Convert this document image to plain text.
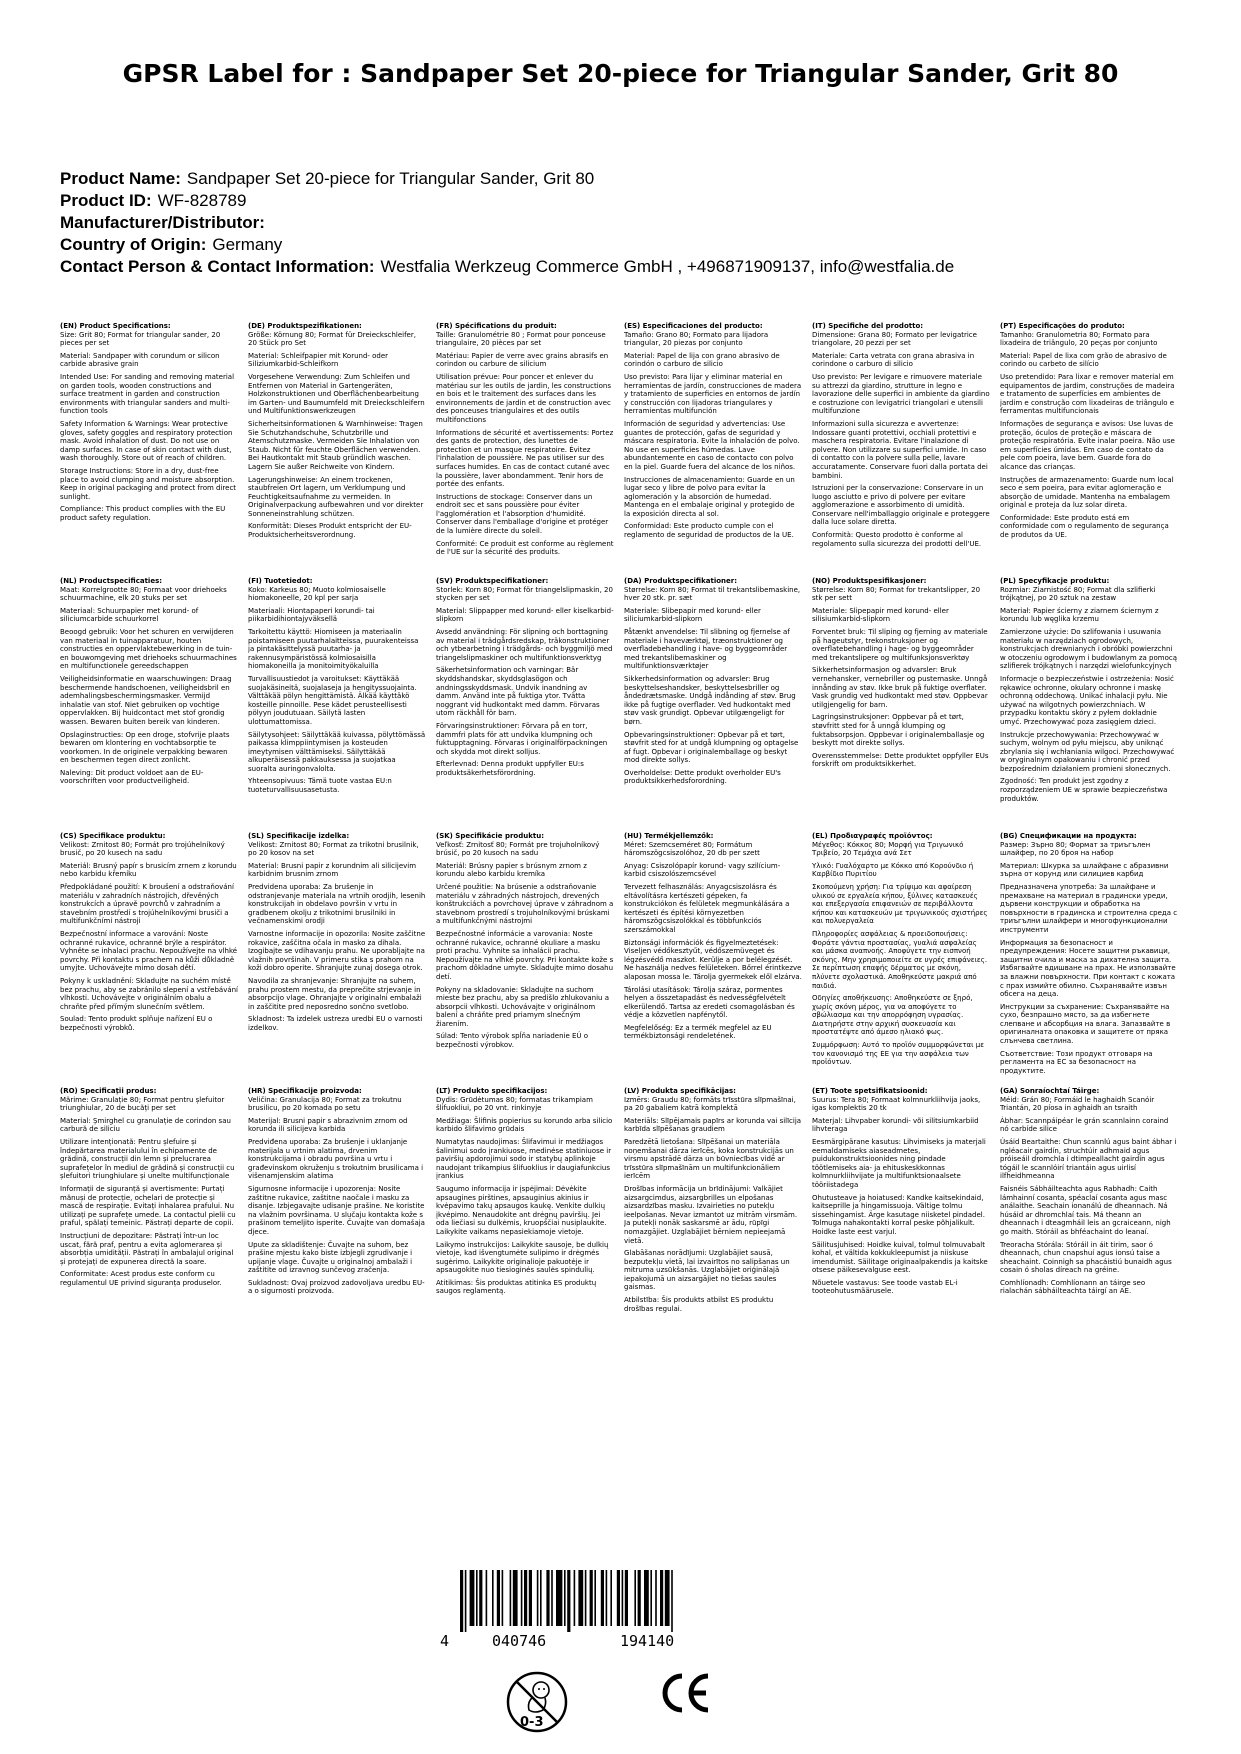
GPSR Label for : Sandpaper Set 20-piece for Triangular Sander, Grit 80
Product Name: Sandpaper Set 20-piece for Triangular Sander, Grit 80
Product ID: WF-828789
Manufacturer/Distributor:
Country of Origin: Germany
Contact Person & Contact Information: Westfalia Werkzeug Commerce GmbH , +496871909137, info@westfalia.de

(EN) Product Specifications:

Size: Grit 80; Format for triangular sander, 20 pieces per set

Material: Sandpaper with corundum or silicon carbide abrasive grain

Intended Use: For sanding and removing material on garden tools, wooden constructions and surface treatment in garden and construction environments with triangular sanders and multi-function tools

Safety Information & Warnings: Wear protective gloves, safety goggles and respiratory protection mask. Avoid inhalation of dust. Do not use on damp surfaces. In case of skin contact with dust, wash thoroughly. Store out of reach of children.

Storage Instructions: Store in a dry, dust-free place to avoid clumping and moisture absorption. Keep in original packaging and protect from direct sunlight.

Compliance: This product complies with the EU product safety regulation.

(DE) Produktspezifikationen:

Größe: Körnung 80; Format für Dreieckschleifer, 20 Stück pro Set

Material: Schleifpapier mit Korund- oder Siliziumkarbid-Schleifkorn

Vorgesehene Verwendung: Zum Schleifen und Entfernen von Material in Gartengeräten, Holzkonstruktionen und Oberflächenbearbeitung im Garten- und Baumumfeld mit Dreieckschleifern und Multifunktionswerkzeugen

Sicherheitsinformationen & Warnhinweise: Tragen Sie Schutzhandschuhe, Schutzbrille und Atemschutzmaske. Vermeiden Sie Inhalation von Staub. Nicht für feuchte Oberflächen verwenden. Bei Hautkontakt mit Staub gründlich waschen. Lagern Sie außer Reichweite von Kindern.

Lagerungshinweise: An einem trockenen, staubfreien Ort lagern, um Verklumpung und Feuchtigkeitsaufnahme zu vermeiden. In Originalverpackung aufbewahren und vor direkter Sonneneinstrahlung schützen.

Konformität: Dieses Produkt entspricht der EU-Produktsicherheitsverordnung.

(FR) Spécifications du produit:

Taille: Granulométrie 80 ; Format pour ponceuse triangulaire, 20 pièces par set

Matériau: Papier de verre avec grains abrasifs en corindon ou carbure de silicium

Utilisation prévue: Pour poncer et enlever du matériau sur les outils de jardin, les constructions en bois et le traitement des surfaces dans les environnements de jardin et de construction avec des ponceuses triangulaires et des outils multifonctions

Informations de sécurité et avertissements: Portez des gants de protection, des lunettes de protection et un masque respiratoire. Évitez l'inhalation de poussière. Ne pas utiliser sur des surfaces humides. En cas de contact cutané avec la poussière, laver abondamment. Tenir hors de portée des enfants.

Instructions de stockage: Conserver dans un endroit sec et sans poussière pour éviter l'agglomération et l'absorption d'humidité. Conserver dans l'emballage d'origine et protéger de la lumière directe du soleil.

Conformité: Ce produit est conforme au règlement de l'UE sur la sécurité des produits.

(ES) Especificaciones del producto:

Tamaño: Grano 80; Formato para lijadora triangular, 20 piezas por conjunto

Material: Papel de lija con grano abrasivo de corindón o carburo de silicio

Uso previsto: Para lijar y eliminar material en herramientas de jardín, construcciones de madera y tratamiento de superficies en entornos de jardín y construcción con lijadoras triangulares y herramientas multifunción

Información de seguridad y advertencias: Use guantes de protección, gafas de seguridad y máscara respiratoria. Evite la inhalación de polvo. No use en superficies húmedas. Lave abundantemente en caso de contacto con polvo en la piel. Guarde fuera del alcance de los niños.

Instrucciones de almacenamiento: Guarde en un lugar seco y libre de polvo para evitar la aglomeración y la absorción de humedad. Mantenga en el embalaje original y protegido de la exposición directa al sol.

Conformidad: Este producto cumple con el reglamento de seguridad de productos de la UE.

(IT) Specifiche del prodotto:

Dimensione: Grana 80; Formato per levigatrice triangolare, 20 pezzi per set

Materiale: Carta vetrata con grana abrasiva in corindone o carburo di silicio

Uso previsto: Per levigare e rimuovere materiale su attrezzi da giardino, strutture in legno e lavorazione delle superfici in ambiente da giardino e costruzione con levigatrici triangolari e utensili multifunzione

Informazioni sulla sicurezza e avvertenze: Indossare guanti protettivi, occhiali protettivi e maschera respiratoria. Evitare l'inalazione di polvere. Non utilizzare su superfici umide. In caso di contatto con la polvere sulla pelle, lavare accuratamente. Conservare fuori dalla portata dei bambini.

Istruzioni per la conservazione: Conservare in un luogo asciutto e privo di polvere per evitare agglomerazione e assorbimento di umidità. Conservare nell'imballaggio originale e proteggere dalla luce solare diretta.

Conformità: Questo prodotto è conforme al regolamento sulla sicurezza dei prodotti dell'UE.

(PT) Especificações do produto:

Tamanho: Granulometria 80; Formato para lixadeira de triângulo, 20 peças por conjunto

Material: Papel de lixa com grão de abrasivo de corindo ou carbeto de silício

Uso pretendido: Para lixar e remover material em equipamentos de jardim, construções de madeira e tratamento de superfícies em ambientes de jardim e construção com lixadeiras de triângulo e ferramentas multifuncionais

Informações de segurança e avisos: Use luvas de proteção, óculos de proteção e máscara de proteção respiratória. Evite inalar poeira. Não use em superfícies úmidas. Em caso de contato da pele com poeira, lave bem. Guarde fora do alcance das crianças.

Instruções de armazenamento: Guarde num local seco e sem poeira, para evitar aglomeração e absorção de umidade. Mantenha na embalagem original e proteja da luz solar direta.

Conformidade: Este produto está em conformidade com o regulamento de segurança de produtos da UE.

(NL) Productspecificaties:

Maat: Korrelgrootte 80; Formaat voor driehoeks schuurmachine, elk 20 stuks per set

Materiaal: Schuurpapier met korund- of siliciumcarbide schuurkorrel

Beoogd gebruik: Voor het schuren en verwijderen van materiaal in tuinapparatuur, houten constructies en oppervlaktebewerking in de tuin- en bouwomgeving met driehoeks schuurmachines en multifunctionele gereedschappen

Veiligheidsinformatie en waarschuwingen: Draag beschermende handschoenen, veiligheidsbril en ademhalingsbeschermingsmasker. Vermijd inhalatie van stof. Niet gebruiken op vochtige oppervlakken. Bij huidcontact met stof grondig wassen. Bewaren buiten bereik van kinderen.

Opslaginstructies: Op een droge, stofvrije plaats bewaren om klontering en vochtabsorptie te voorkomen. In de originele verpakking bewaren en beschermen tegen direct zonlicht.

Naleving: Dit product voldoet aan de EU-voorschriften voor productveiligheid.

(FI) Tuotetiedot:

Koko: Karkeus 80; Muoto kolmiosaiselle hiomakoneelle, 20 kpl per sarja

Materiaali: Hiontapaperi korundi- tai piikarbidihiontajyväksellä

Tarkoitettu käyttö: Hiomiseen ja materiaalin poistamiseen puutarhalaitteissa, puurakenteissa ja pintakäsittelyssä puutarha- ja rakennusympäristössä kolmiosaisilla hiomakoneilla ja monitoimityökaluilla

Turvallisuustiedot ja varoitukset: Käyttäkää suojakäsineitä, suojalaseja ja hengityssuojainta. Välttäkää pölyn hengittämistä. Älkää käyttäkö kosteille pinnoille. Pese kädet perusteellisesti pölyyn joudutuaan. Säilytä lasten ulottumattomissa.

Säilytysohjeet: Säilyttäkää kuivassa, pölyttömässä paikassa klimppiintymisen ja kosteuden imeytymisen välttämiseksi. Säilyttäkää alkuperäisessä pakkauksessa ja suojatkaa suoralta auringonvalolta.

Yhteensopivuus: Tämä tuote vastaa EU:n tuoteturvallisuusasetusta.

(SV) Produktspecifikationer:

Storlek: Korn 80; Format för triangelslipmaskin, 20 stycken per set

Material: Slippapper med korund- eller kiselkarbid-slipkorn

Avsedd användning: För slipning och borttagning av material i trädgårdsredskap, träkonstruktioner och ytbearbetning i trädgårds- och byggmiljö med triangelslipmaskiner och multifunktionsverktyg

Säkerhetsinformation och varningar: Bär skyddshandskar, skyddsglasögon och andningsskyddsmask. Undvik inandning av damm. Använd inte på fuktiga ytor. Tvätta noggrant vid hudkontakt med damm. Förvaras utom räckhåll för barn.

Förvaringsinstruktioner: Förvara på en torr, dammfri plats för att undvika klumpning och fuktupptagning. Förvaras i originalförpackningen och skydda mot direkt solljus.

Efterlevnad: Denna produkt uppfyller EU:s produktsäkerhetsförordning.

(DA) Produktspecifikationer:

Størrelse: Korn 80; Format til trekantslibemaskine, hver 20 stk. pr. sæt

Materiale: Slibepapir med korund- eller siliciumkarbid-slipkorn

Påtænkt anvendelse: Til slibning og fjernelse af materiale i haveværktøj, træonstruktioner og overfladebehandling i have- og byggeområder med trekantslibemaskiner og multifunktionsværktøjer

Sikkerhedsinformation og advarsler: Brug beskyttelseshandsker, beskyttelsesbriller og åndedrætsmaske. Undgå indånding af støv. Brug ikke på fugtige overflader. Ved hudkontakt med støv vask grundigt. Opbevar utilgængeligt for børn.

Opbevaringsinstruktioner: Opbevar på et tørt, støvfrit sted for at undgå klumpning og optagelse af fugt. Opbevar i originalemballage og beskyt mod direkte sollys.

Overholdelse: Dette produkt overholder EU's produktsikkerhedsforordning.

(NO) Produktspesifikasjoner:

Størrelse: Korn 80; Format for trekantslipper, 20 stk per sett

Materiale: Slipepapir med korund- eller silisiumkarbid-slipkorn

Forventet bruk: Til sliping og fjerning av materiale på hageutstyr, trekonstruksjoner og overflatebehandling i hage- og byggeområder med trekantslipere og multifunksjonsverktøy

Sikkerhetsinformasjon og advarsler: Bruk vernehansker, vernebriller og pustemaske. Unngå innånding av støv. Ikke bruk på fuktige overflater. Vask grundig ved hudkontakt med støv. Oppbevar utilgjengelig for barn.

Lagringsinstruksjoner: Oppbevar på et tørt, støvfritt sted for å unngå klumping og fuktabsorpsjon. Oppbevar i originalemballasje og beskytt mot direkte sollys.

Overensstemmelse: Dette produktet oppfyller EUs forskrift om produktsikkerhet.

(PL) Specyfikacje produktu:

Rozmiar: Ziarnistość 80; Format dla szlifierki trójkątnej, po 20 sztuk na zestaw

Materiał: Papier ścierny z ziarnem ściernym z korundu lub węglika krzemu

Zamierzone użycie: Do szlifowania i usuwania materiału w narzędziach ogrodowych, konstrukcjach drewnianych i obróbki powierzchni w otoczeniu ogrodowym i budowlanym za pomocą szlifierek trójkątnych i narzędzi wielofunkcyjnych

Informacje o bezpieczeństwie i ostrzeżenia: Nosić rękawice ochronne, okulary ochronne i maskę ochronną oddechową. Unikać inhalacji pyłu. Nie używać na wilgotnych powierzchniach. W przypadku kontaktu skóry z pyłem dokładnie umyć. Przechowywać poza zasięgiem dzieci.

Instrukcje przechowywania: Przechowywać w suchym, wolnym od pyłu miejscu, aby uniknąć zbrylania się i wchłaniania wilgoci. Przechowywać w oryginalnym opakowaniu i chronić przed bezpośrednim działaniem promieni słonecznych.

Zgodność: Ten produkt jest zgodny z rozporządzeniem UE w sprawie bezpieczeństwa produktów.

(CS) Specifikace produktu:

Velikost: Zrnitost 80; Formát pro trojúhelníkový brusič, po 20 kusech na sadu

Materiál: Brusný papír s brusicím zrnem z korundu nebo karbidu křemíku

Předpokládané použití: K broušení a odstraňování materiálu v zahradních nástrojích, dřevěných konstrukcích a úpravě povrchů v zahradním a stavebním prostředí s trojúhelníkovými brusiči a multifunkčními nástroji

Bezpečnostní informace a varování: Noste ochranné rukavice, ochranné brýle a respirátor. Vyhněte se inhalaci prachu. Nepoužívejte na vlhké povrchy. Při kontaktu s prachem na kůži důkladně umyjte. Uchovávejte mimo dosah dětí.

Pokyny k uskladnění: Skladujte na suchém místě bez prachu, aby se zabránilo slepení a vstřebávání vlhkosti. Uchovávejte v originálním obalu a chraňte před přímým slunečním světlem.

Soulad: Tento produkt splňuje nařízení EU o bezpečnosti výrobků.

(SL) Specifikacije izdelka:

Velikost: Zrnitost 80; Format za trikotni brusilnik, po 20 kosov na set

Material: Brusni papir z korundnim ali silicijevim karbidnim brusnim zrnom

Predvidena uporaba: Za brušenje in odstranjevanje materiala na vrtnih orodjih, lesenih konstrukcijah in obdelavo površin v vrtu in gradbenem okolju z trikotnimi brusilniki in večnamenskimi orodji

Varnostne informacije in opozorila: Nosite zaščitne rokavice, zaščitna očala in masko za dihala. Izogibajte se vdihavanju prahu. Ne uporabljajte na vlažnih površinah. V primeru stika s prahom na koži dobro operite. Shranjujte zunaj dosega otrok.

Navodila za shranjevanje: Shranjujte na suhem, prahu prostem mestu, da preprečite strjevanje in absorpcijo vlage. Ohranjajte v originalni embalaži in zaščitite pred neposredno sončno svetlobo.

Skladnost: Ta izdelek ustreza uredbi EU o varnosti izdelkov.

(SK) Špecifikácie produktu:

Veľkosť: Zrnitosť 80; Formát pre trojuholníkový brúsič, po 20 kusoch na sadu

Materiál: Brúsny papier s brúsnym zrnom z korundu alebo karbidu kremíka

Určené použitie: Na brúsenie a odstraňovanie materiálu v záhradných nástrojoch, drevených konštrukciách a povrchovej úprave v záhradnom a stavebnom prostredí s trojuholníkovými brúskami a multifunkčnými nástrojmi

Bezpečnostné informácie a varovania: Noste ochranné rukavice, ochranné okuliare a masku proti prachu. Vyhnite sa inhalácii prachu. Nepoužívajte na vlhké povrchy. Pri kontakte kože s prachom dôkladne umyte. Skladujte mimo dosahu detí.

Pokyny na skladovanie: Skladujte na suchom mieste bez prachu, aby sa predišlo zhlukovaniu a absorpcii vlhkosti. Uchovávajte v originálnom balení a chráňte pred priamym slnečným žiarením.

Súlad: Tento výrobok spĺňa nariadenie EÚ o bezpečnosti výrobkov.

(HU) Termékjellemzők:

Méret: Szemcseméret 80; Formátum háromszögcsiszolóhoz, 20 db per szett

Anyag: Csiszolópapír korund- vagy szilícium-karbid csiszolószemcsével

Tervezett felhasználás: Anyagcsiszolásra és eltávolításra kertészeti gépeken, fa konstrukciókon és felületek megmunkálására a kertészeti és építési környezetben háromszögcsiszolókkal és többfunkciós szerszámokkal

Biztonsági információk és figyelmeztetések: Viseljen védőkesztyűt, védőszemüveget és légzésvédő maszkot. Kerülje a por belélegzését. Ne használja nedves felületeken. Bőrrel érintkezve alaposan mossa le. Tárolja gyermekek elől elzárva.

Tárolási utasítások: Tárolja száraz, pormentes helyen a összetapadást és nedvességfelvételt elkerülendő. Tartsa az eredeti csomagolásban és védje a közvetlen napfénytől.

Megfelelőség: Ez a termék megfelel az EU termékbiztonsági rendeletének.

(EL) Προδιαγραφές προϊόντος:

Μέγεθος: Κόκκος 80; Μορφή για Τριγωνικό Τριβείο, 20 Τεμάχια ανά Σετ

Υλικό: Γυαλόχαρτο με Κόκκο από Κορούνδιο ή Καρβίδιο Πυριτίου

Σκοπούμενη χρήση: Για τρίψιμο και αφαίρεση υλικού σε εργαλεία κήπου, ξύλινες κατασκευές και επεξεργασία επιφανειών σε περιβάλλοντα κήπου και κατασκευών με τριγωνικούς σχιστήρες και πολυεργαλεία

Πληροφορίες ασφάλειας & προειδοποιήσεις: Φοράτε γάντια προστασίας, γυαλιά ασφαλείας και μάσκα αναπνοής. Αποφύγετε την εισπνοή σκόνης. Μην χρησιμοποιείτε σε υγρές επιφάνειες. Σε περίπτωση επαφής δέρματος με σκόνη, πλύνετε σχολαστικά. Αποθηκεύστε μακριά από παιδιά.

Οδηγίες αποθήκευσης: Αποθηκεύστε σε ξηρό, χωρίς σκόνη μέρος, για να αποφύγετε το σβώλιασμα και την απορρόφηση υγρασίας. Διατηρήστε στην αρχική συσκευασία και προστατέψτε από άμεσο ηλιακό φως.

Συμμόρφωση: Αυτό το προϊόν συμμορφώνεται με τον κανονισμό της ΕΕ για την ασφάλεια των προϊόντων.

(BG) Спецификации на продукта:

Размер: Зърно 80; Формат за триъгълен шлайфер, по 20 броя на набор

Материал: Шкурка за шлайфане с абразивни зърна от корунд или силициев карбид

Предназначена употреба: За шлайфане и премахване на материал в градински уреди, дървени конструкции и обработка на повърхности в градинска и строителна среда с триъгълни шлайфери и многофункционални инструменти

Информация за безопасност и предупреждения: Носете защитни ръкавици, защитни очила и маска за дихателна защита. Избягвайте вдишване на прах. Не използвайте за влажни повърхности. При контакт с кожата с прах измийте обилно. Съхранявайте извън обсега на деца.

Инструкции за съхранение: Съхранявайте на сухо, безпрашно място, за да избегнете слепване и абсорбция на влага. Запазвайте в оригиналната опаковка и защитете от пряка слънчева светлина.

Съответствие: Този продукт отговаря на регламента на ЕС за безопасност на продуктите.

(RO) Specificații produs:

Mărime: Granulație 80; Format pentru șlefuitor triunghiular, 20 de bucăți per set

Material: Șmirghel cu granulație de corindon sau carbură de siliciu

Utilizare intenționată: Pentru șlefuire și îndepărtarea materialului în echipamente de grădină, construcții din lemn și prelucrarea suprafețelor în mediul de grădină și construcții cu șlefuitori triunghiulare și unelte multifuncționale

Informații de siguranță și avertismente: Purtați mănuși de protecție, ochelari de protecție și mască de respirație. Evitați inhalarea prafului. Nu utilizați pe suprafețe umede. La contactul pielii cu praful, spălați temeinic. Păstrați departe de copii.

Instrucțiuni de depozitare: Păstrați într-un loc uscat, fără praf, pentru a evita aglomerarea și absorbția umidității. Păstrați în ambalajul original și protejați de expunerea directă la soare.

Conformitate: Acest produs este conform cu regulamentul UE privind siguranța produselor.

(HR) Specifikacije proizvoda:

Veličina: Granulacija 80; Format za trokutnu brusilicu, po 20 komada po setu

Materijal: Brusni papir s abrazivnim zrnom od korunda ili silicijeva karbida

Predviđena uporaba: Za brušenje i uklanjanje materijala u vrtnim alatima, drvenim konstrukcijama i obradu površina u vrtu i građevinskom okruženju s trokutnim brusilicama i višenamjenskim alatima

Sigurnosne informacije i upozorenja: Nosite zaštitne rukavice, zaštitne naočale i masku za disanje. Izbjegavajte udisanje prašine. Ne koristite na vlažnim površinama. U slučaju kontakta kože s prašinom temeljito isperite. Čuvajte van domašaja djece.

Upute za skladištenje: Čuvajte na suhom, bez prašine mjestu kako biste izbjegli zgrudivanje i upijanje vlage. Čuvajte u originalnoj ambalaži i zaštitite od izravnog sunčevog zračenja.

Sukladnost: Ovaj proizvod zadovoljava uredbu EU-a o sigurnosti proizvoda.

(LT) Produkto specifikacijos:

Dydis: Grūdėtumas 80; formatas trikampiam šlifuokliui, po 20 vnt. rinkinyje

Medžiaga: Šlifinis popierius su korundo arba silicio karbido šlifavimo grūdais

Numatytas naudojimas: Šlifavimui ir medžiagos šalinimui sodo įrankiuose, medinėse statiniuose ir paviršių apdorojimui sodo ir statybų aplinkoje naudojant trikampius šlifuoklius ir daugiafunkcius įrankius

Saugumo informacija ir įspėjimai: Dėvėkite apsaugines pirštines, apsauginius akinius ir kvėpavimo takų apsaugos kaukę. Venkite dulkių įkvėpimo. Nenaudokite ant drėgnų paviršių. Jei oda liečiasi su dulkėmis, kruopščiai nusiplaukite. Laikykite vaikams nepasiekiamoje vietoje.

Laikymo instrukcijos: Laikykite sausoje, be dulkių vietoje, kad išvengtumėte sulipimo ir drėgmės sugėrimo. Laikykite originalioje pakuotėje ir apsaugokite nuo tiesioginės saulės spindulių.

Atitikimas: Šis produktas atitinka ES produktų saugos reglamentą.

(LV) Produkta specifikācijas:

Izmērs: Graudu 80; formāts trīsstūra slīpmašīnai, pa 20 gabaliem katrā komplektā

Materiāls: Slīpējamais papīrs ar korunda vai silīcija karbīda slīpēšanas graudiem

Paredzētā lietošana: Slīpēšanai un materiāla noņemšanai dārza ierīcēs, koka konstrukcijās un virsmu apstrādē dārza un būvniecības vidē ar trīsstūra slīpmašīnām un multifunkcionāliem ierīcēm

Drošības informācija un brīdinājumi: Valkājiet aizsargcimdus, aizsargbrilles un elpošanas aizsardzības masku. Izvairieties no putekļu ieelpošanas. Nevar izmantot uz mitrām virsmām. Ja putekļi nonāk saskarsmē ar ādu, rūpīgi nomazgājiet. Uzglabājiet bērniem nepieejamā vietā.

Glabāšanas norādījumi: Uzglabājiet sausā, bezputekļu vietā, lai izvairītos no salipšanas un mitruma uzsūkšanās. Uzglabājiet oriģinālajā iepakojumā un aizsargājiet no tiešas saules gaismas.

Atbilstība: Šis produkts atbilst ES produktu drošības regulai.

(ET) Toote spetsifikatsioonid:

Suurus: Tera 80; Formaat kolmnurkliihvija jaoks, igas komplektis 20 tk

Materjal: Lihvpaber korundi- või silitsiumkarbiid lihvteraga

Eesmärgipärane kasutus: Lihvimiseks ja materjali eemaldamiseks aiaseadmetes, puidukonstruktsioonides ning pindade töötlemiseks aia- ja ehituskeskkonnas kolmnurkliihvijate ja multifunktsionaalsete tööriistadega

Ohutusteave ja hoiatused: Kandke kaitsekindaid, kaitseprille ja hingamissuoja. Vältige tolmu sissehingamist. Ärge kasutage niisketel pindadel. Tolmuga nahakontakti korral peske põhjalikult. Hoidke laste eest varjul.

Säilitusjuhised: Hoidke kuival, tolmul tolmuvabalt kohal, et vältida kokkukleepumist ja niiskuse imendumist. Säilitage originaalpakendis ja kaitske otsese päikesevalguse eest.

Nõuetele vastavus: See toode vastab EL-i tooteohutusmäärusele.

(GA) Sonraíochtaí Táirge:

Méid: Grán 80; Formáid le haghaidh Scanóir Triantán, 20 píosa in aghaidh an tsraith

Ábhar: Scannpáipéar le grán scannlainn coraind nó carbíde silice

Úsáid Beartaithe: Chun scannlú agus baint ábhar i ngléacair gairdín, struchtúir adhmaid agus próiseáil dromchla i dtimpeallacht gairdín agus tógáil le scannlóirí triantáin agus uirlisí ilfheidhmeanna

Faisnéis Sábháilteachta agus Rabhadh: Caith lámhainní cosanta, spéaclaí cosanta agus masc análaithe. Seachain ionanálú de dheannach. Ná húsáid ar dhromchlaí tais. Má theann an dheannach i dteagmháil leis an gcraiceann, nigh go maith. Stóráil as bhféachaint do leanaí.

Treoracha Stórála: Stóráil in áit tirim, saor ó dheannach, chun cnapshuí agus ionsú taise a sheachaint. Coinnigh sa phacáistiú bunaidh agus cosain ó sholas díreach na gréine.

Comhlíonadh: Comhlíonann an táirge seo rialachán sábháilteachta táirgí an AE.

4	040746	194140
0-3
